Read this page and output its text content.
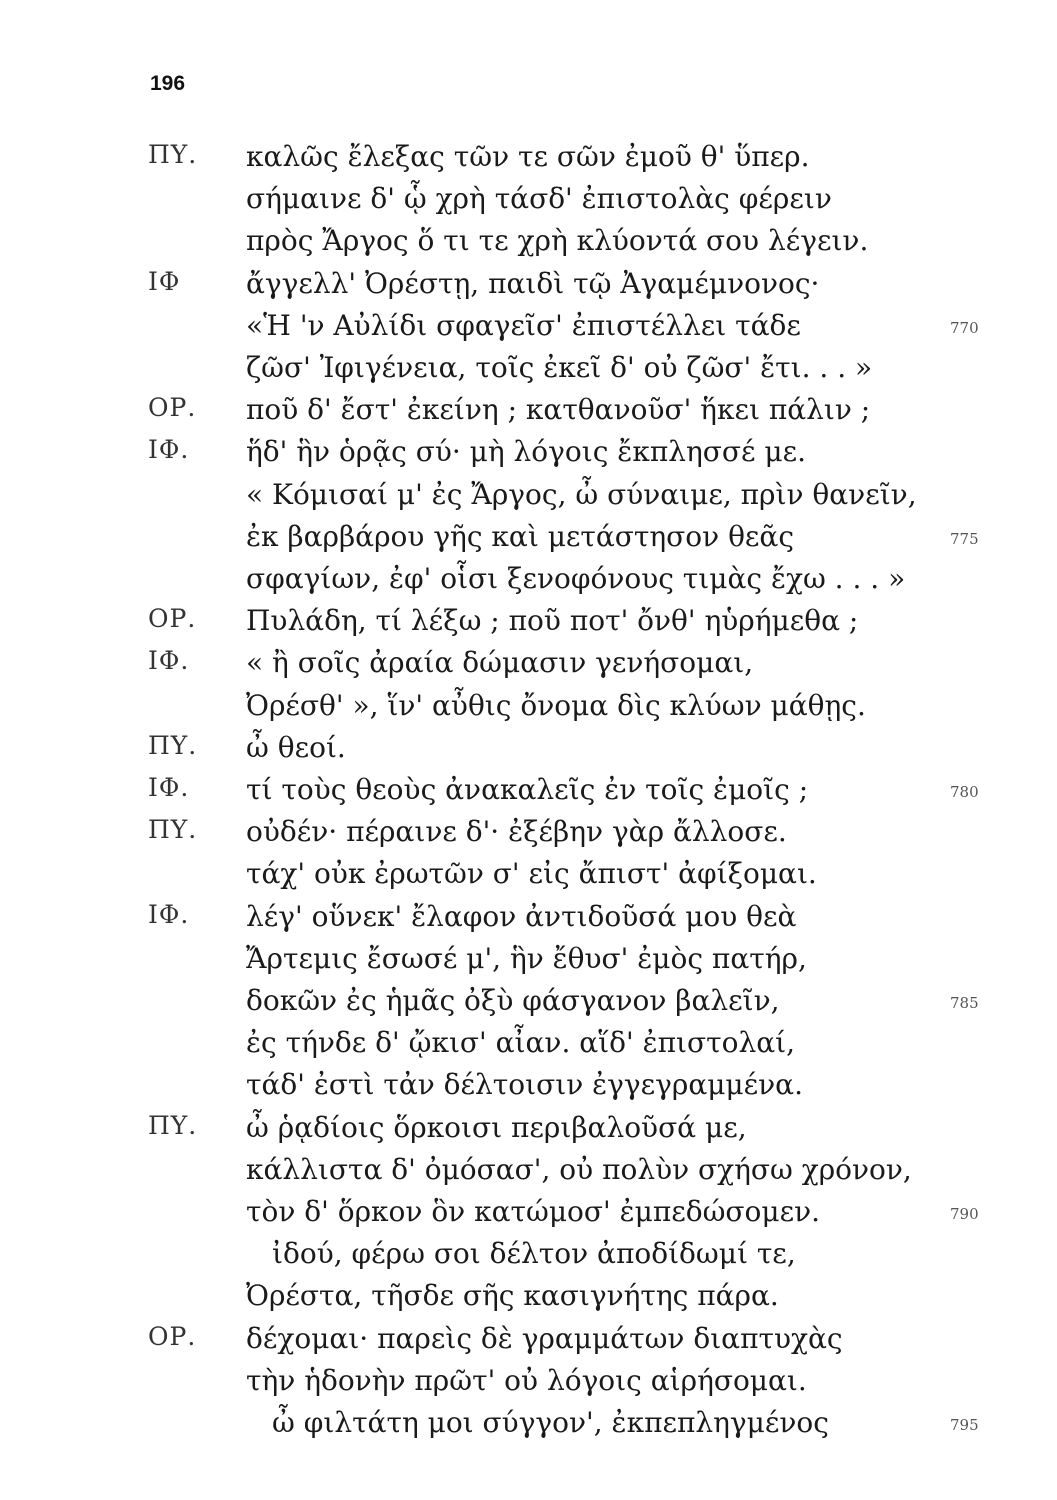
196
ΠΥ. καλῶς ἔλεξας τῶν τε σῶν ἐμοῦ θ' ὕπερ.
σήμαινε δ' ᾧ χρὴ τάσδ' ἐπιστολὰς φέρειν
πρὸς Ἄργος ὅ τι τε χρὴ κλύοντά σου λέγειν.
ΙΦ ἄγγελλ' Ὀρέστῃ, παιδὶ τῷ Ἀγαμέμνονος·
«Ἡ 'ν Αὐλίδι σφαγεῖσ' ἐπιστέλλει τάδε	770
ζῶσ' Ἰφιγένεια, τοῖς ἐκεῖ δ' οὐ ζῶσ' ἔτι. . . »
ΟΡ. ποῦ δ' ἔστ' ἐκείνη ; κατθανοῦσ' ἥκει πάλιν ;
ΙΦ. ἥδ' ἣν ὁρᾷς σύ· μὴ λόγοις ἔκπλησσέ με.
« Κόμισαί μ' ἐς Ἄργος, ὦ σύναιμε, πρὶν θανεῖν,
ἐκ βαρβάρου γῆς καὶ μετάστησον θεᾶς	775
σφαγίων, ἐφ' οἷσι ξενοφόνους τιμὰς ἔχω . . . »
ΟΡ. Πυλάδη, τί λέξω ; ποῦ ποτ' ὄνθ' ηὑρήμεθα ;
ΙΦ. « ἢ σοῖς ἀραία δώμασιν γενήσομαι,
Ὀρέσθ' », ἵν' αὖθις ὄνομα δὶς κλύων μάθῃς.
ΠΥ. ὦ θεοί.
ΙΦ. τί τοὺς θεοὺς ἀνακαλεῖς ἐν τοῖς ἐμοῖς ;	780
ΠΥ. οὐδέν· πέραινε δ'· ἐξέβην γὰρ ἄλλοσε.
τάχ' οὐκ ἐρωτῶν σ' εἰς ἄπιστ' ἀφίξομαι.
ΙΦ. λέγ' οὕνεκ' ἔλαφον ἀντιδοῦσά μου θεὰ
Ἄρτεμις ἔσωσέ μ', ἣν ἔθυσ' ἐμὸς πατήρ,
δοκῶν ἐς ἡμᾶς ὀξὺ φάσγανον βαλεῖν,	785
ἐς τήνδε δ' ᾤκισ' αἶαν. αἵδ' ἐπιστολαί,
τάδ' ἐστὶ τἀν δέλτοισιν ἐγγεγραμμένα.
ΠΥ. ὦ ῥᾳδίοις ὅρκοισι περιβαλοῦσά με,
κάλλιστα δ' ὀμόσασ', οὐ πολὺν σχήσω χρόνον,
τὸν δ' ὅρκον ὃν κατώμοσ' ἐμπεδώσομεν.	790
ἰδού, φέρω σοι δέλτον ἀποδίδωμί τε,
Ὀρέστα, τῆσδε σῆς κασιγνήτης πάρα.
ΟΡ. δέχομαι· παρεὶς δὲ γραμμάτων διαπτυχὰς
τὴν ἡδονὴν πρῶτ' οὐ λόγοις αἱρήσομαι.
ὦ φιλτάτη μοι σύγγον', ἐκπεπληγμένος	795
